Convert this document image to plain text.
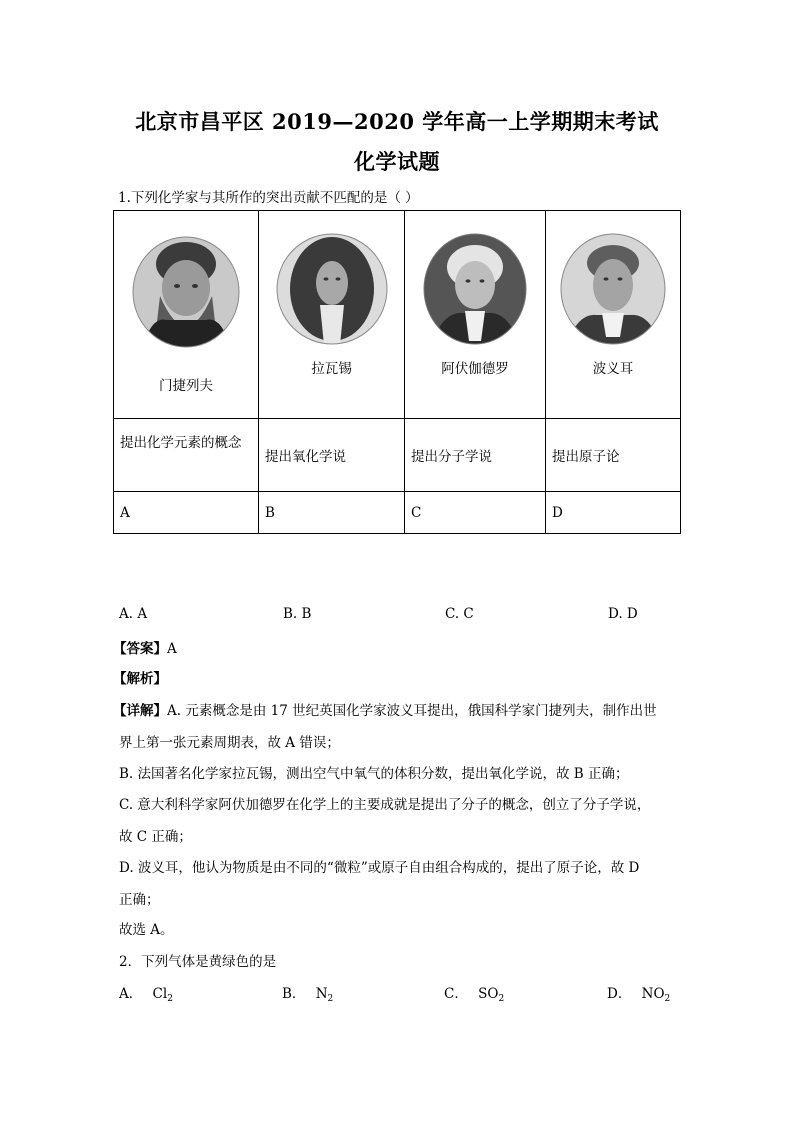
北京市昌平区 2019—2020 学年高一上学期期末考试
化学试题
1.下列化学家与其所作的突出贡献不匹配的是（ ）
门捷列夫	拉瓦锡	阿伏伽德罗	波义耳

提出化学元素的概念	提出氧化学说	提出分子学说	提出原子论
A	B	C	D
A. A	B. B	C. C	D. D
【答案】A
【解析】
【详解】A. 元素概念是由 17 世纪英国化学家波义耳提出，俄国科学家门捷列夫，制作出世
界上第一张元素周期表，故 A 错误；
B. 法国著名化学家拉瓦锡，测出空气中氧气的体积分数，提出氧化学说，故 B 正确；
C. 意大利科学家阿伏加德罗在化学上的主要成就是提出了分子的概念，创立了分子学说，
故 C 正确；
D. 波义耳，他认为物质是由不同的“微粒”或原子自由组合构成的，提出了原子论，故 D
正确；
故选 A。
2．下列气体是黄绿色的是
A． $Cl_2$	B． $N_2$	C． $SO_2$	D． $NO_2$
